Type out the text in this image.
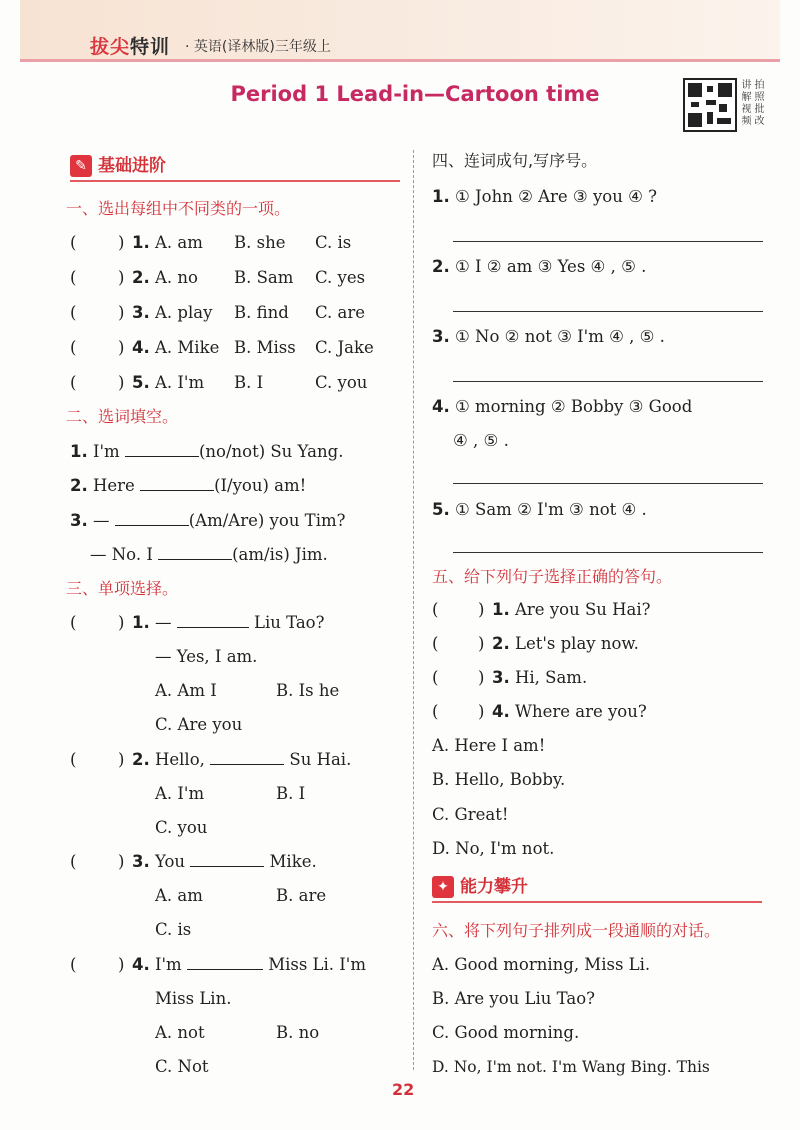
拔尖特训 · 英语(译林版)三年级上
Period 1 Lead-in—Cartoon time	讲 拍解 照视 批频 改
✎ 基础进阶
一、选出每组中不同类的一项。
(	) 1. A. am B. she C. is
(	) 2. A. no B. Sam C. yes
(	) 3. A. play B. find C. are
(	) 4. A. Mike B. Miss C. Jake
(	) 5. A. I'm B. I	C. you
二、选词填空。
1. I'm	(no/not) Su Yang.
2. Here	(I/you) am!
3. —	(Am/Are) you Tim?
— No. I	(am/is) Jim.
三、单项选择。
(	) 1. —	Liu Tao?
— Yes, I am.
A. Am I	B. Is he
C. Are you
(	) 2. Hello,	Su Hai.
A. I'm	B. I
C. you
(	) 3. You	Mike.
A. am	B. are
C. is
(	) 4. I'm	Miss Li. I'm
Miss Lin.
A. not	B. no
C. Not
四、连词成句,写序号。
1. ① John ② Are ③ you ④ ?
2. ① I ② am ③ Yes ④ , ⑤ .
3. ① No ② not ③ I'm ④ , ⑤ .
4. ① morning ② Bobby ③ Good
④ , ⑤ .
5. ① Sam ② I'm ③ not ④ .
五、给下列句子选择正确的答句。
( ) 1. Are you Su Hai?
( ) 2. Let's play now.
( ) 3. Hi, Sam.
( ) 4. Where are you?
A. Here I am!
B. Hello, Bobby.
C. Great!
D. No, I'm not.
✦ 能力攀升
六、将下列句子排列成一段通顺的对话。
A. Good morning, Miss Li.
B. Are you Liu Tao?
C. Good morning.
D. No, I'm not. I'm Wang Bing. This
22
